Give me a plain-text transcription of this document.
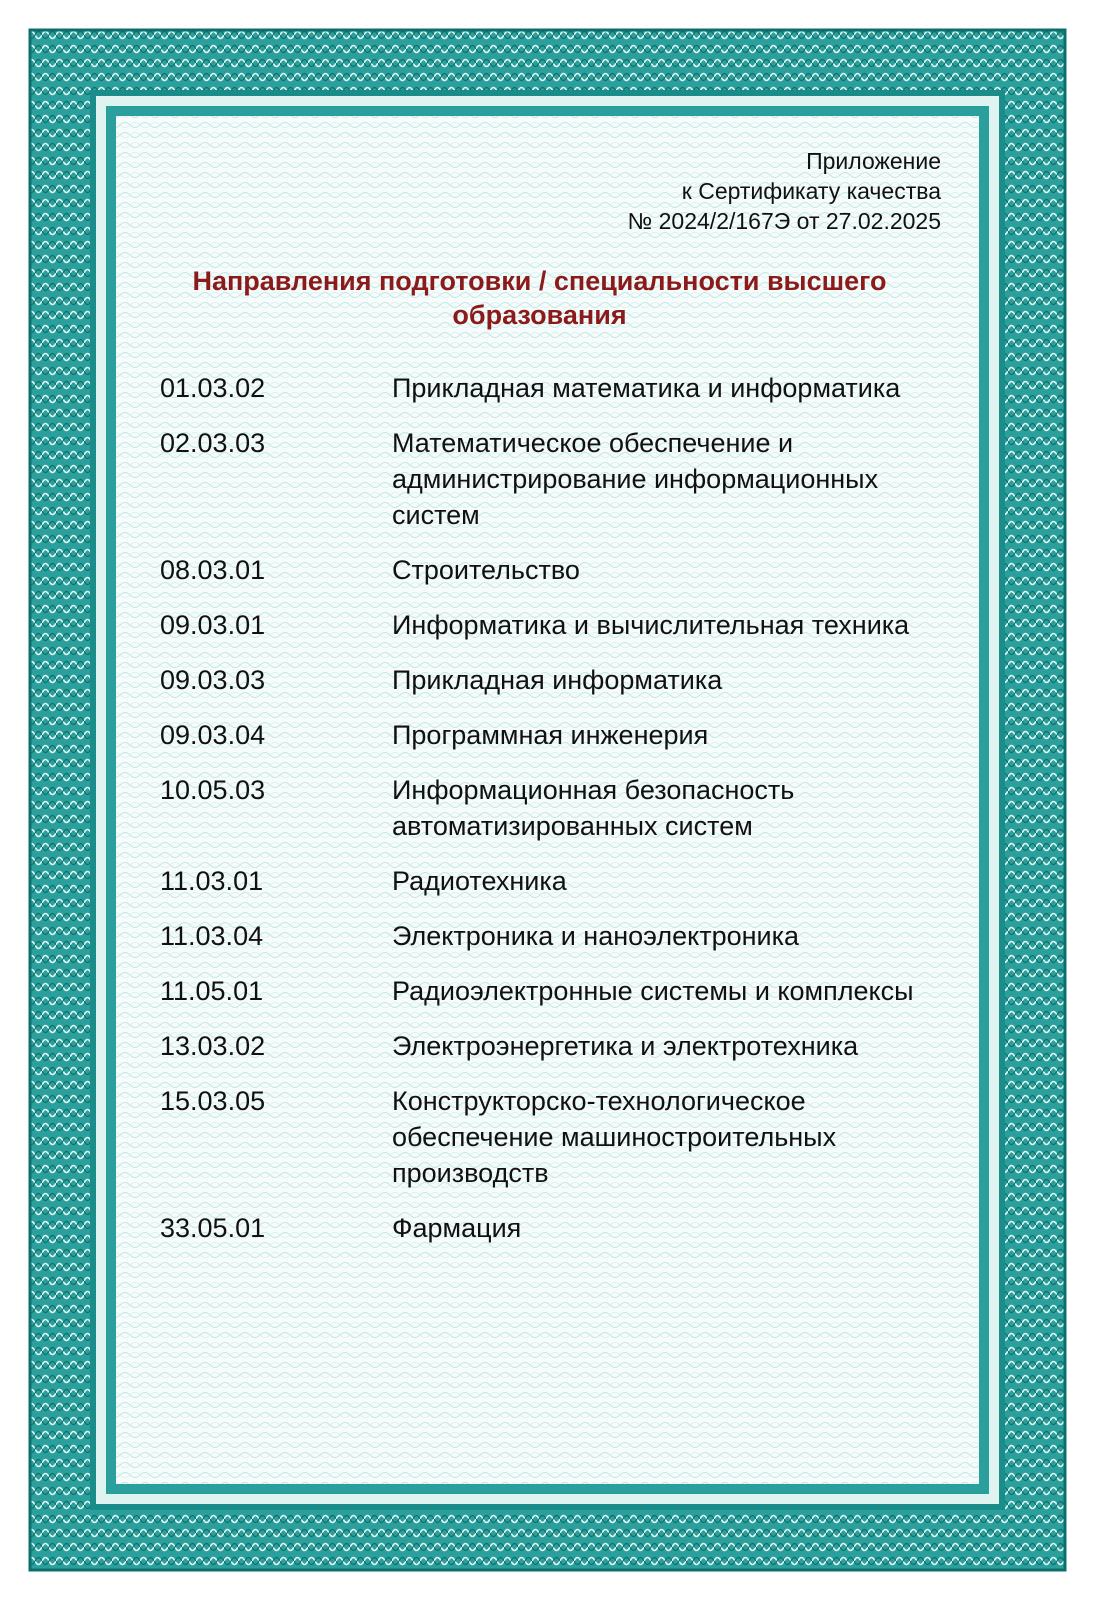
Приложение
к Сертификату качества
№ 2024/2/167Э от 27.02.2025
Направления подготовки / специальности высшего образования
01.03.02	Прикладная математика и информатика
02.03.03	Математическое обеспечение и администрирование информационных систем
08.03.01	Строительство
09.03.01	Информатика и вычислительная техника
09.03.03	Прикладная информатика
09.03.04	Программная инженерия
10.05.03	Информационная безопасность автоматизированных систем
11.03.01	Радиотехника
11.03.04	Электроника и наноэлектроника
11.05.01	Радиоэлектронные системы и комплексы
13.03.02	Электроэнергетика и электротехника
15.03.05	Конструкторско-технологическое обеспечение машиностроительных производств
33.05.01	Фармация
